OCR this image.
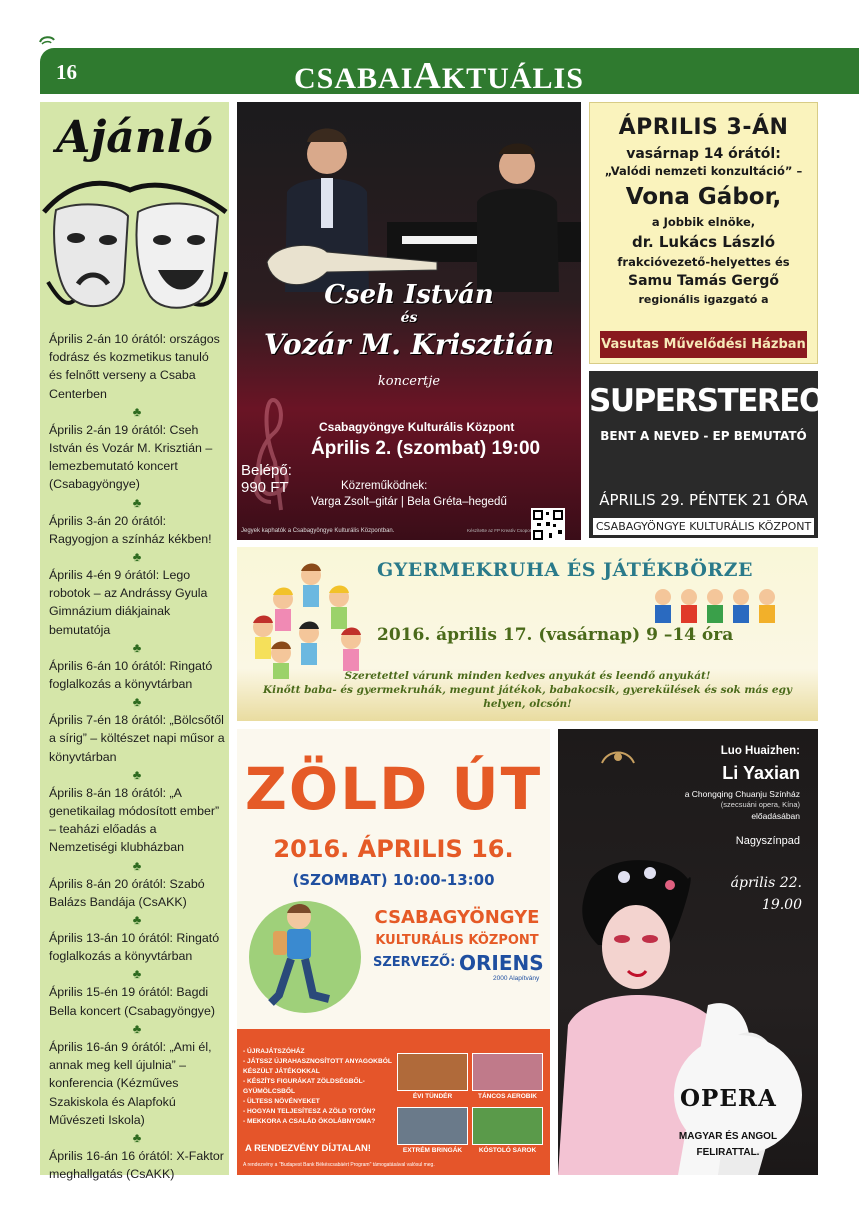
16	CSABAIAKTUÁLIS
Ajánló
Április 2-án 10 órától: országos fodrász és kozmetikus tanuló és felnőtt verseny a Csaba Centerben
♣
Április 2-án 19 órától: Cseh István és Vozár M. Krisztián – lemezbemutató koncert (Csabagyöngye)
♣
Április 3-án 20 órától: Ragyogjon a színház kékben!
♣
Április 4-én 9 órától: Lego robotok – az Andrássy Gyula Gimnázium diákjainak bemutatója
♣
Április 6-án 10 órától: Ringató foglalkozás a könyvtárban
♣
Április 7-én 18 órától: „Bölcsőtől a sírig” – költészet napi műsor a könyvtárban
♣
Április 8-án 18 órától: „A genetikailag módosított ember” – teaházi előadás a Nemzetiségi klubházban
♣
Április 8-án 20 órától: Szabó Balázs Bandája (CsAKK)
♣
Április 13-án 10 órától: Ringató foglalkozás a könyvtárban
♣
Április 15-én 19 órától: Bagdi Bella koncert (Csabagyöngye)
♣
Április 16-án 9 órától: „Ami él, annak meg kell újulnia” – konferencia (Kézműves Szakiskola és Alapfokú Művészeti Iskola)
♣
Április 16-án 16 órától: X-Faktor meghallgatás (CsAKK)
Cseh István
és
Vozár M. Krisztián
koncertje
Csabagyöngye Kulturális Központ
Április 2. (szombat) 19:00
Belépő:
990 FT	Közreműködnek:
Varga Zsolt–gitár | Bela Gréta–hegedű
Jegyek kaphatók a Csabagyöngye Kulturális Központban.	Készítette az FP Kreatív Csoport
ÁPRILIS 3-ÁN
vasárnap 14 órától:
„Valódi nemzeti konzultáció” –
Vona Gábor,
a Jobbik elnöke,
dr. Lukács László
frakcióvezető-helyettes és
Samu Tamás Gergő
regionális igazgató a
Vasutas Művelődési Házban
SUPERSTEREO
BENT A NEVED - EP BEMUTATÓ
ÁPRILIS 29. PÉNTEK 21 ÓRA
CSABAGYÖNGYE KULTURÁLIS KÖZPONT
GYERMEKRUHA ÉS JÁTÉKBÖRZE
2016. április 17. (vasárnap) 9 –14 óra
Szeretettel várunk minden kedves anyukát és leendő anyukát!
Kinőtt baba- és gyermekruhák, megunt játékok, babakocsik, gyerekülések és sok más egy
helyen, olcsón!
ZÖLD ÚT
2016. ÁPRILIS 16.
(SZOMBAT) 10:00-13:00
CSABAGYÖNGYE
KULTURÁLIS KÖZPONT
SZERVEZŐ: ORIENS
2000 Alapítvány
- ÚJRAJÁTSZÓHÁZ
- JÁTSSZ ÚJRAHASZNOSÍTOTT ANYAGOKBÓL KÉSZÜLT JÁTÉKOKKAL
- KÉSZÍTS FIGURÁKAT ZÖLDSÉGBŐL-GYÜMÖLCSBŐL
- ÜLTESS NÖVÉNYEKET
- HOGYAN TELJESÍTESZ A ZÖLD TOTÓN?
- MEKKORA A CSALÁD ÖKOLÁBNYOMA?
A RENDEZVÉNY DÍJTALAN!
A rendezvény a "Budapest Bank Békéscsabáért Program" támogatásával valósul meg.
ÉVI TÜNDÉR	TÁNCOS AEROBIK
EXTRÉM BRINGÁK	KÓSTOLÓ SAROK
Luo Huaizhen:
Li Yaxian
a Chongqing Chuanju Színház
(szecsuáni opera, Kína)
előadásában
Nagyszínpad
április 22.
19.00
OPERA
MAGYAR ÉS ANGOL
FELIRATTAL.
